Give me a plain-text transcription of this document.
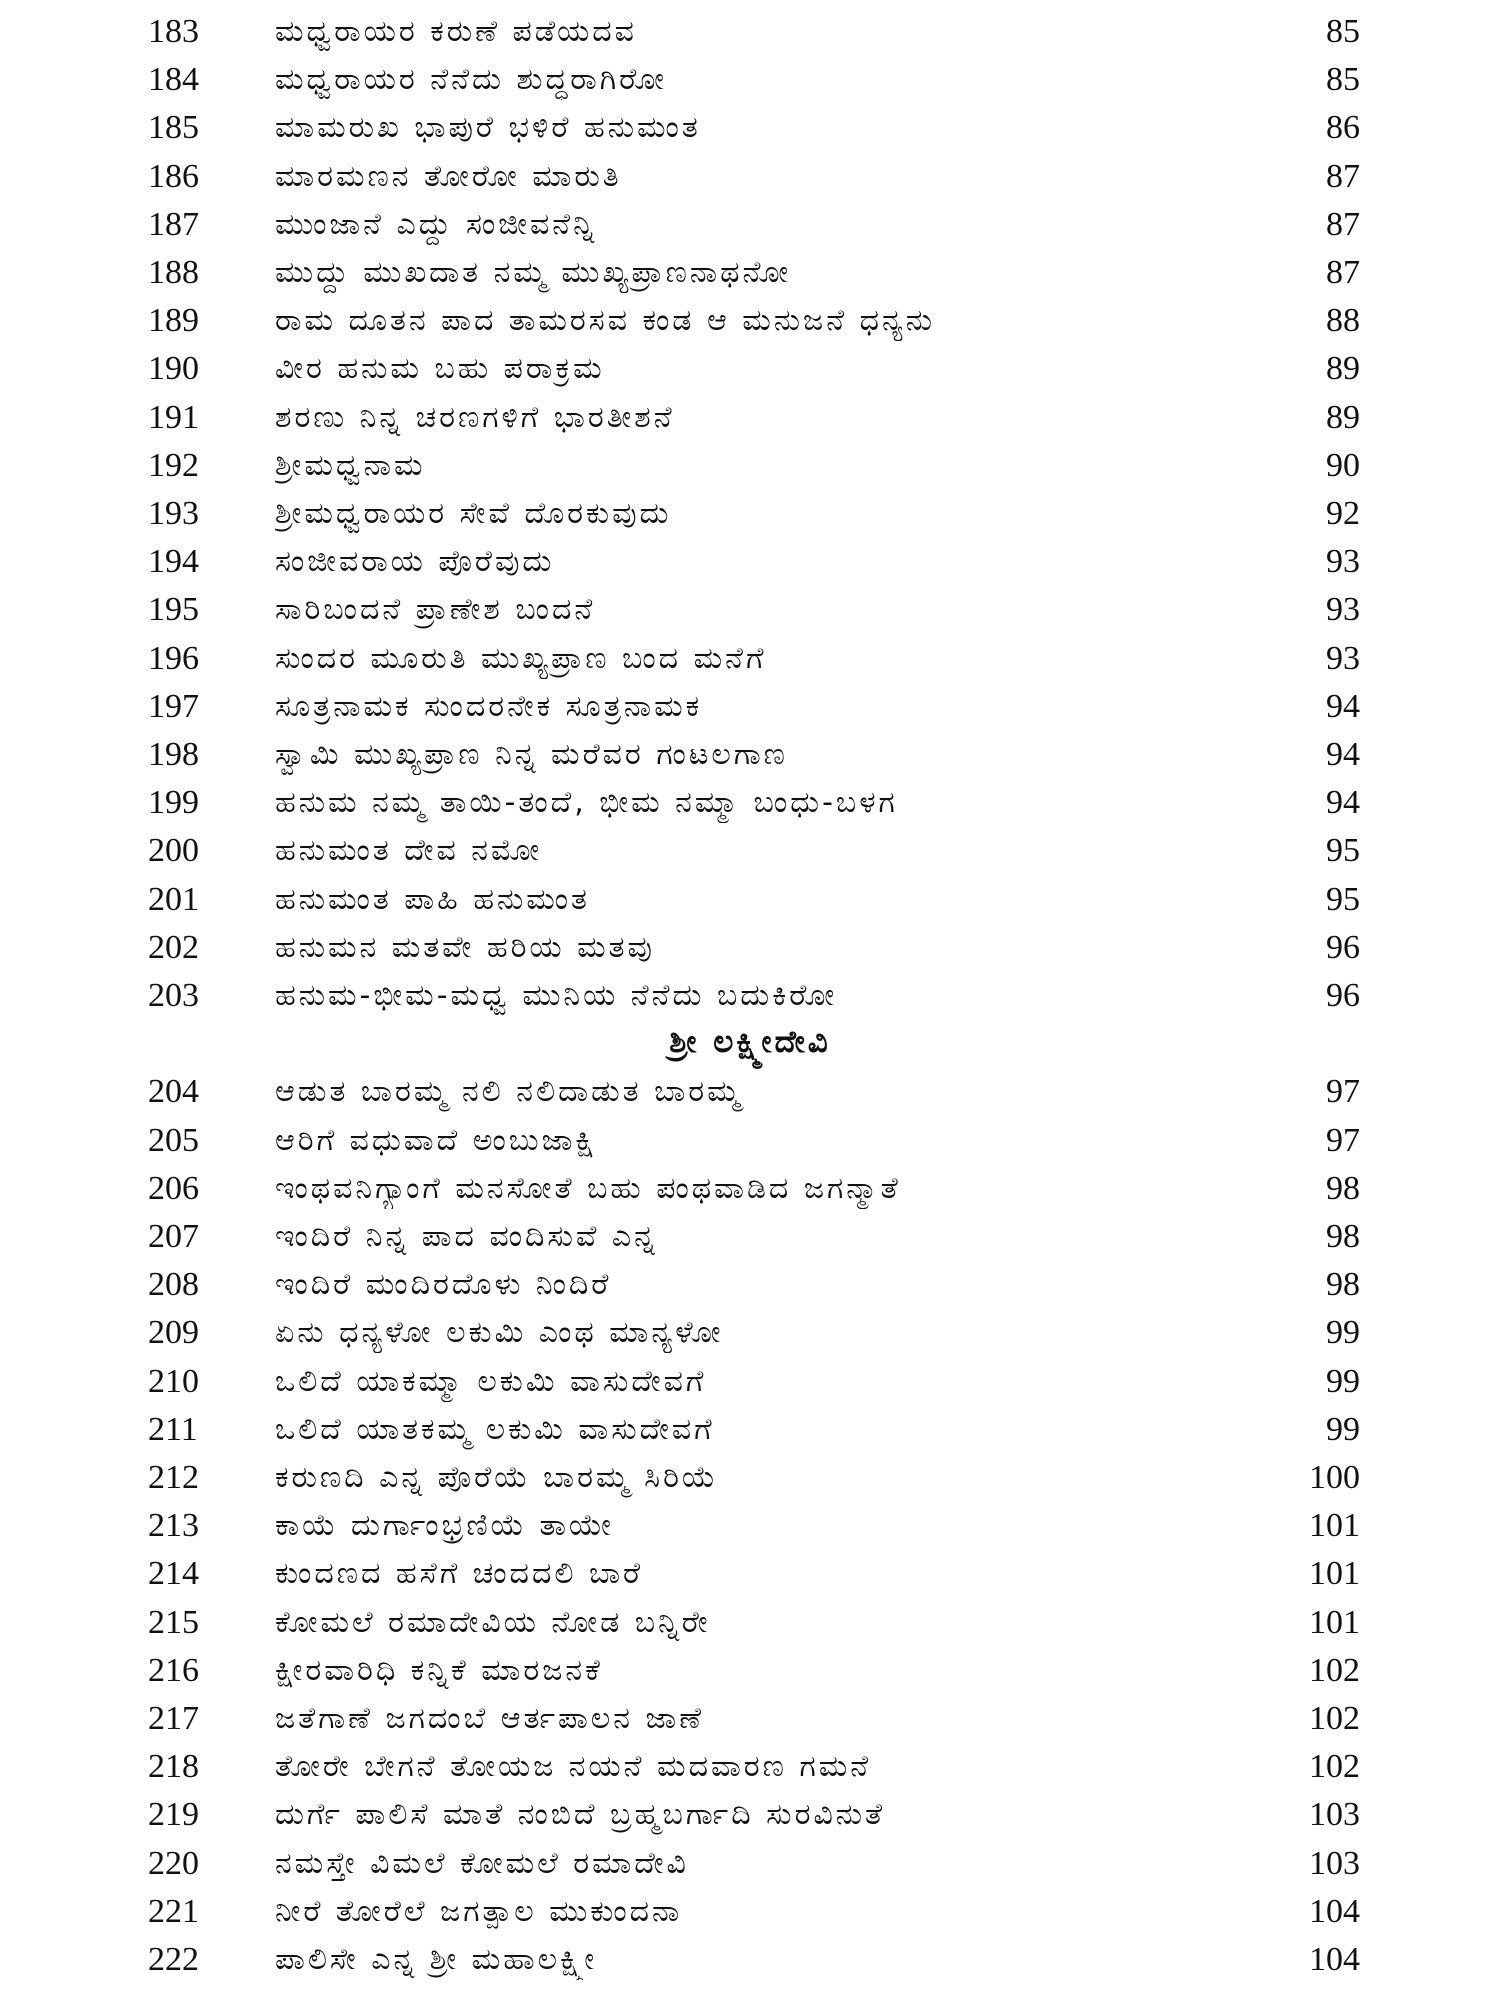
183	ಮಧ್ವರಾಯರ ಕರುಣೆ ಪಡೆಯದವ	85
184	ಮಧ್ವರಾಯರ ನೆನೆದು ಶುದ್ಧರಾಗಿರೋ	85
185	ಮಾಮರುಖ ಭಾಪುರೆ ಭಳಿರೆ ಹನುಮಂತ	86
186	ಮಾರಮಣನ ತೋರೋ ಮಾರುತಿ	87
187	ಮುಂಜಾನೆ ಎದ್ದು ಸಂಜೀವನೆನ್ನಿ	87
188	ಮುದ್ದು ಮುಖದಾತ ನಮ್ಮ ಮುಖ್ಯಪ್ರಾಣನಾಥನೋ	87
189	ರಾಮ ದೂತನ ಪಾದ ತಾಮರಸವ ಕಂಡ ಆ ಮನುಜನೆ ಧನ್ಯನು	88
190	ವೀರ ಹನುಮ ಬಹು ಪರಾಕ್ರಮ	89
191	ಶರಣು ನಿನ್ನ ಚರಣಗಳಿಗೆ ಭಾರತೀಶನೆ	89
192	ಶ್ರೀಮಧ್ವನಾಮ	90
193	ಶ್ರೀಮಧ್ವರಾಯರ ಸೇವೆ ದೊರಕುವುದು	92
194	ಸಂಜೀವರಾಯ ಪೊರೆವುದು	93
195	ಸಾರಿಬಂದನೆ ಪ್ರಾಣೇಶ ಬಂದನೆ	93
196	ಸುಂದರ ಮೂರುತಿ ಮುಖ್ಯಪ್ರಾಣ ಬಂದ ಮನೆಗೆ	93
197	ಸೂತ್ರನಾಮಕ ಸುಂದರನೇಕ ಸೂತ್ರನಾಮಕ	94
198	ಸ್ವಾಮಿ ಮುಖ್ಯಪ್ರಾಣ ನಿನ್ನ ಮರೆವರ ಗಂಟಲಗಾಣ	94
199	ಹನುಮ ನಮ್ಮ ತಾಯಿ-ತಂದೆ, ಭೀಮ ನಮ್ಮಾ ಬಂಧು-ಬಳಗ	94
200	ಹನುಮಂತ ದೇವ ನಮೋ	95
201	ಹನುಮಂತ ಪಾಹಿ ಹನುಮಂತ	95
202	ಹನುಮನ ಮತವೇ ಹರಿಯ ಮತವು	96
203	ಹನುಮ-ಭೀಮ-ಮಧ್ವ ಮುನಿಯ ನೆನೆದು ಬದುಕಿರೋ	96
ಶ್ರೀ ಲಕ್ಷ್ಮೀದೇವಿ
204	ಆಡುತ ಬಾರಮ್ಮ ನಲಿ ನಲಿದಾಡುತ ಬಾರಮ್ಮ	97
205	ಆರಿಗೆ ವಧುವಾದೆ ಅಂಬುಜಾಕ್ಷಿ	97
206	ಇಂಥವನಿಗ್ಯಾಂಗೆ ಮನಸೋತೆ ಬಹು ಪಂಥವಾಡಿದ ಜಗನ್ಮಾತೆ	98
207	ಇಂದಿರೆ ನಿನ್ನ ಪಾದ ವಂದಿಸುವೆ ಎನ್ನ	98
208	ಇಂದಿರೆ ಮಂದಿರದೊಳು ನಿಂದಿರೆ	98
209	ಏನು ಧನ್ಯಳೋ ಲಕುಮಿ ಎಂಥ ಮಾನ್ಯಳೋ	99
210	ಒಲಿದೆ ಯಾಕಮ್ಮಾ ಲಕುಮಿ ವಾಸುದೇವಗೆ	99
211	ಒಲಿದೆ ಯಾತಕಮ್ಮ ಲಕುಮಿ ವಾಸುದೇವಗೆ	99
212	ಕರುಣದಿ ಎನ್ನ ಪೊರೆಯೆ ಬಾರಮ್ಮ ಸಿರಿಯೆ	100
213	ಕಾಯೆ ದುರ್ಗಾಂಭ್ರಣಿಯೆ ತಾಯೇ	101
214	ಕುಂದಣದ ಹಸೆಗೆ ಚಂದದಲಿ ಬಾರೆ	101
215	ಕೋಮಲೆ ರಮಾದೇವಿಯ ನೋಡ ಬನ್ನಿರೇ	101
216	ಕ್ಷೀರವಾರಿಧಿ ಕನ್ನಿಕೆ ಮಾರಜನಕೆ	102
217	ಜತೆಗಾಣೆ ಜಗದಂಬೆ ಆರ್ತಪಾಲನ ಜಾಣೆ	102
218	ತೋರೇ ಬೇಗನೆ ತೋಯಜ ನಯನೆ ಮದವಾರಣ ಗಮನೆ	102
219	ದುರ್ಗೆ ಪಾಲಿಸೆ ಮಾತೆ ನಂಬಿದೆ ಬ್ರಹ್ಮಬರ್ಗಾದಿ ಸುರವಿನುತೆ	103
220	ನಮಸ್ತೇ ವಿಮಲೆ ಕೋಮಲೆ ರಮಾದೇವಿ	103
221	ನೀರೆ ತೋರೆಲೆ ಜಗತ್ಪಾಲ ಮುಕುಂದನಾ	104
222	ಪಾಲಿಸೇ ಎನ್ನ ಶ್ರೀ ಮಹಾಲಕ್ಷ್ಮೀ	104
